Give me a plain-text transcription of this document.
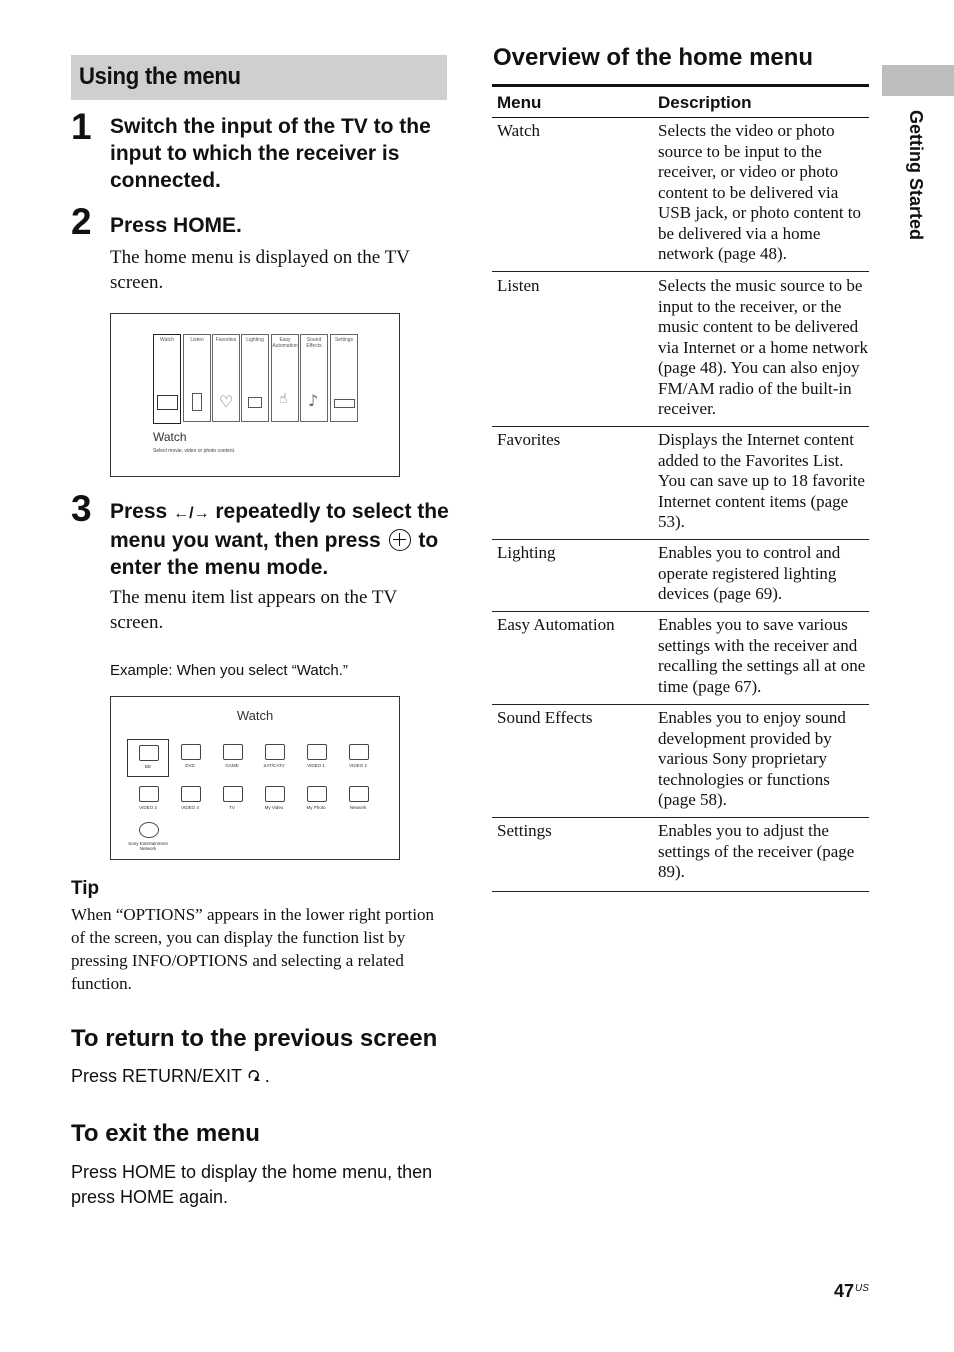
Using the menu
1 Switch the input of the TV to the input to which the receiver is connected.
2 Press HOME.
The home menu is displayed on the TV screen.
Watch	Listen	Favorites
♡
Lighting	Easy Automation
☝
Sound Effects
♪
Settings
Watch
Select movie, video or photo content.
3 Press ←/→ repeatedly to select the menu you want, then press to enter the menu mode.
The menu item list appears on the TV screen.
Example: When you select “Watch.”
Watch
BD	DVD	GAME	SAT/CATV	VIDEO 1	VIDEO 2
VIDEO 3	VIDEO 4	TV	My Video	My Photo	Network
Sony Entertainment Network
Tip
When “OPTIONS” appears in the lower right portion of the screen, you can display the function list by pressing INFO/OPTIONS and selecting a related function.
To return to the previous screen
Press RETURN/EXIT .
To exit the menu
Press HOME to display the home menu, then press HOME again.
Overview of the home menu
Menu	Description
Watch	Selects the video or photo source to be input to the receiver, or video or photo content to be delivered via USB jack, or photo content to be delivered via a home network (page 48).
Listen	Selects the music source to be input to the receiver, or the music content to be delivered via Internet or a home network (page 48). You can also enjoy FM/AM radio of the built-in receiver.
Favorites	Displays the Internet content added to the Favorites List. You can save up to 18 favorite Internet content items (page 53).
Lighting	Enables you to control and operate registered lighting devices (page 69).
Easy Automation	Enables you to save various settings with the receiver and recalling the settings all at one time (page 67).
Sound Effects	Enables you to enjoy sound development provided by various Sony proprietary technologies or functions (page 58).
Settings	Enables you to adjust the settings of the receiver (page 89).
Getting Started
$47^{US}$
